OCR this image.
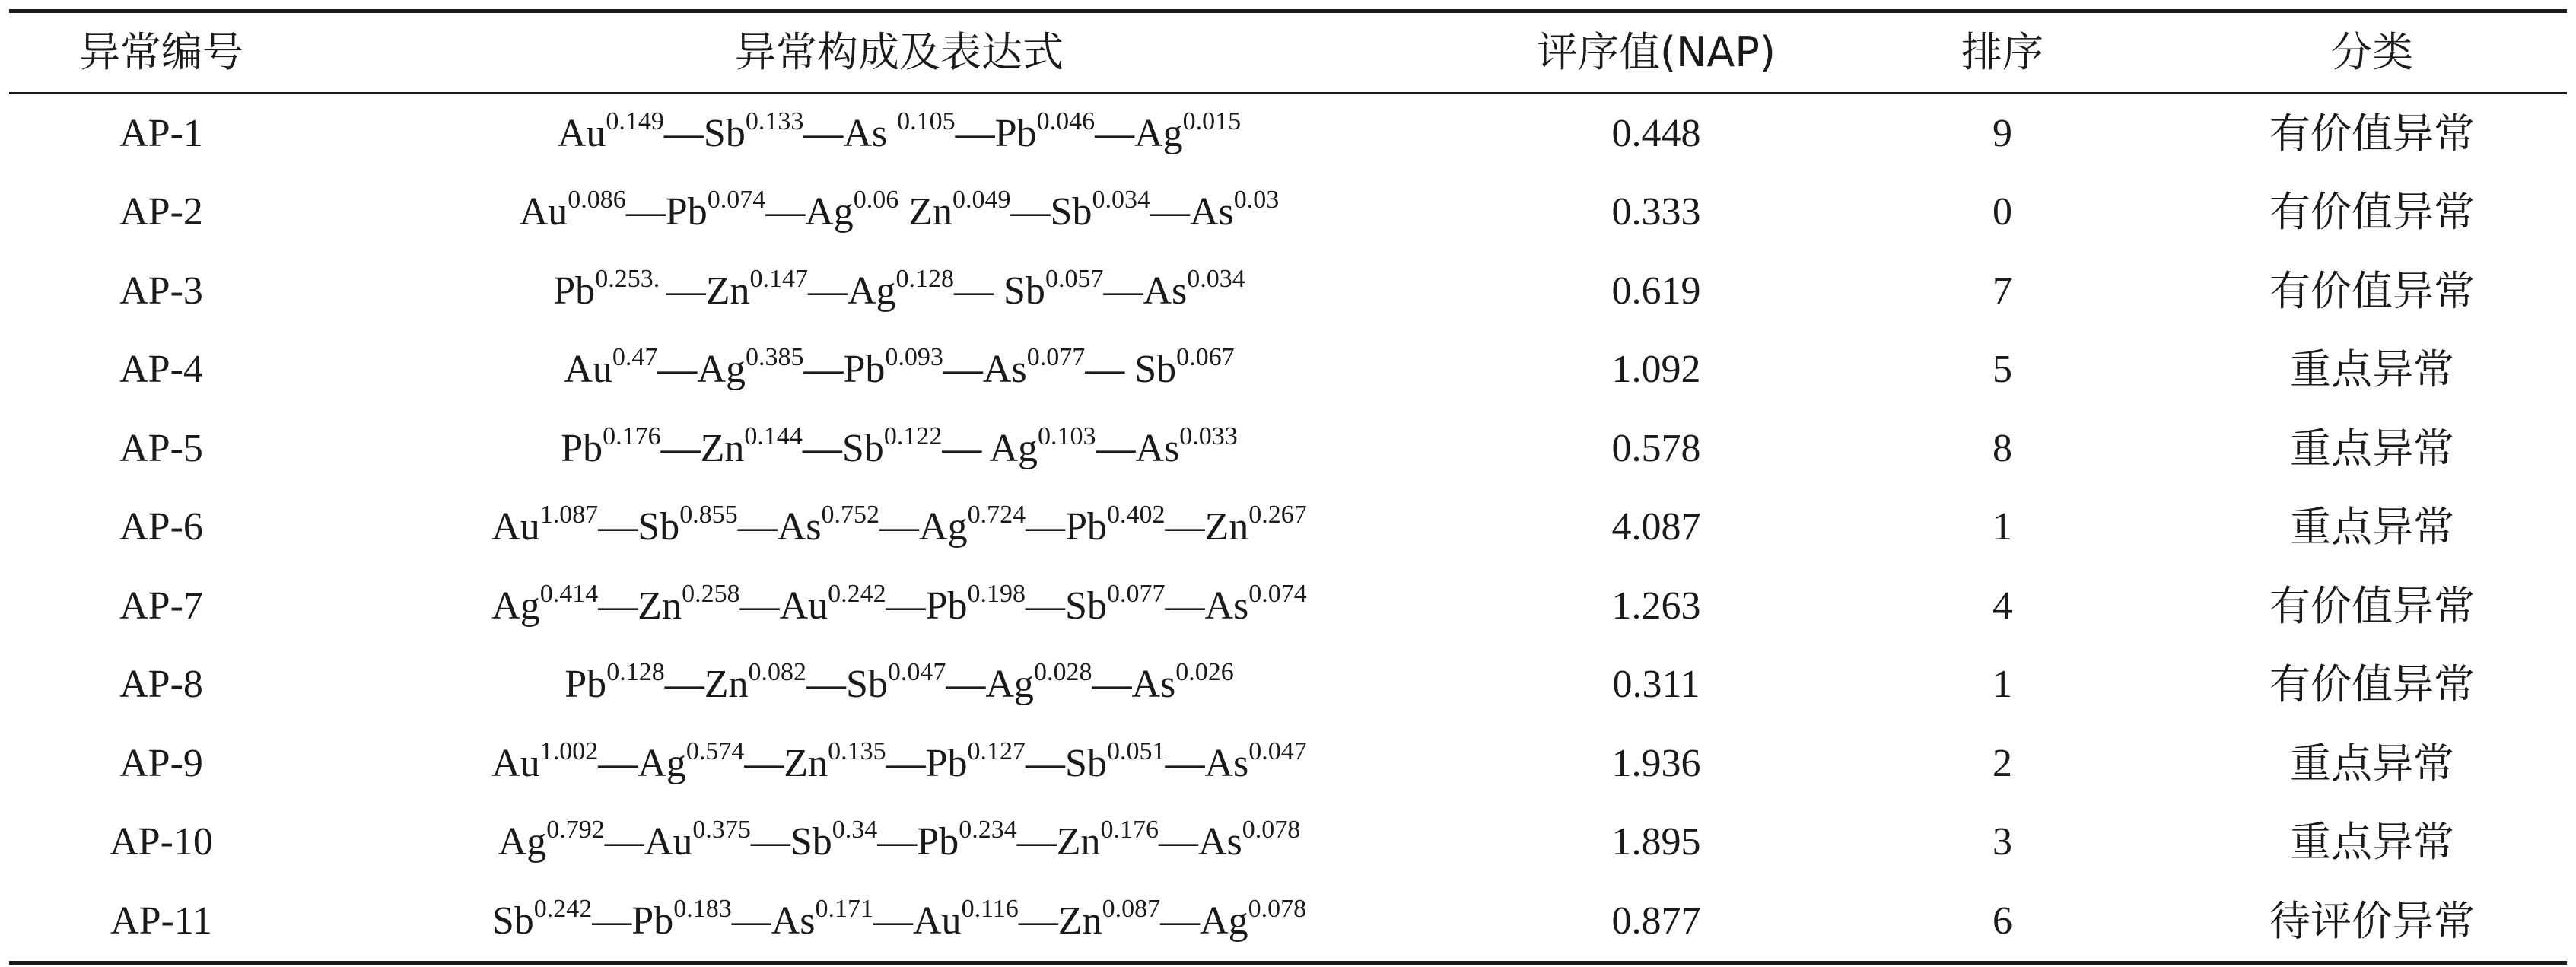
异常编号	异常构成及表达式	评序值(NAP)	排序	分类
AP-1	$Au^{0.149}—Sb^{0.133}—As$ $^{0.105}—Pb^{0.046}—Ag^{0.015}$	0.448	9	有价值异常
AP-2	$Au^{0.086}—Pb^{0.074}—Ag^{0.06}$ $Zn^{0.049}—Sb^{0.034}—As^{0.03}$	0.333	0	有价值异常
AP-3	$Pb^{0.253.}$ $—Zn^{0.147}—Ag^{0.128}—$ $Sb^{0.057}—As^{0.034}$	0.619	7	有价值异常
AP-4	$Au^{0.47}—Ag^{0.385}—Pb^{0.093}—As^{0.077}—$ $Sb^{0.067}$	1.092	5	重点异常
AP-5	$Pb^{0.176}—Zn^{0.144}—Sb^{0.122}—$ $Ag^{0.103}—As^{0.033}$	0.578	8	重点异常
AP-6	$Au^{1.087}—Sb^{0.855}—As^{0.752}—Ag^{0.724}—Pb^{0.402}—Zn^{0.267}$	4.087	1	重点异常
AP-7	$Ag^{0.414}—Zn^{0.258}—Au^{0.242}—Pb^{0.198}—Sb^{0.077}—As^{0.074}$	1.263	4	有价值异常
AP-8	$Pb^{0.128}—Zn^{0.082}—Sb^{0.047}—Ag^{0.028}—As^{0.026}$	0.311	1	有价值异常
AP-9	$Au^{1.002}—Ag^{0.574}—Zn^{0.135}—Pb^{0.127}—Sb^{0.051}—As^{0.047}$	1.936	2	重点异常
AP-10	$Ag^{0.792}—Au^{0.375}—Sb^{0.34}—Pb^{0.234}—Zn^{0.176}—As^{0.078}$	1.895	3	重点异常
AP-11	$Sb^{0.242}—Pb^{0.183}—As^{0.171}—Au^{0.116}—Zn^{0.087}—Ag^{0.078}$	0.877	6	待评价异常
